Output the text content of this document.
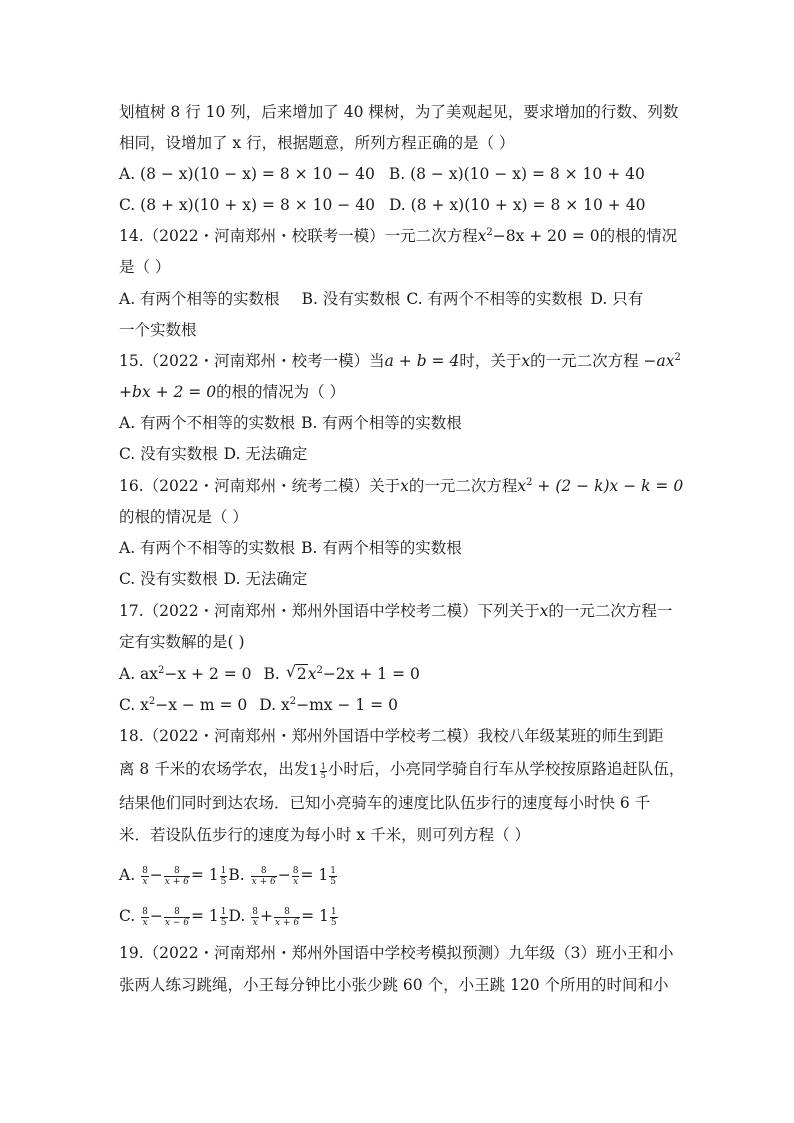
划植树 8 行 10 列，后来增加了 40 棵树，为了美观起见，要求增加的行数、列数
相同，设增加了 x 行，根据题意，所列方程正确的是（ ）
A. (8 − x)(10 − x) = 8 × 10 − 40 B. (8 − x)(10 − x) = 8 × 10 + 40
C. (8 + x)(10 + x) = 8 × 10 − 40 D. (8 + x)(10 + x) = 8 × 10 + 40
14.（2022・河南郑州・校联考一模）一元二次方程$x^2-8x + 20 = 0$的根的情况
是（ ）
A. 有两个相等的实数根 B. 没有实数根 C. 有两个不相等的实数根 D. 只有
一个实数根
15.（2022・河南郑州・校考一模）当a + b = 4时，关于x的一元二次方程 $-ax^2$
+bx + 2 = 0的根的情况为（ ）
A. 有两个不相等的实数根 B. 有两个相等的实数根
C. 没有实数根 D. 无法确定
16.（2022・河南郑州・统考二模）关于x的一元二次方程$x^2 + (2 - k)x - k = 0$
的根的情况是（ ）
A. 有两个不相等的实数根 B. 有两个相等的实数根
C. 没有实数根 D. 无法确定
17.（2022・河南郑州・郑州外国语中学校考二模）下列关于x的一元二次方程一
定有实数解的是( )
A. $ax^2-x + 2 = 0$ B. √ $2x^2-2x + 1 = 0$
C. $x^2-x - m = 0$ D. $x^2-mx - 1 = 0$
18.（2022・河南郑州・郑州外国语中学校考二模）我校八年级某班的师生到距
离 8 千米的农场学农，出发$1 \frac{1}{5}$ 小时后，小亮同学骑自行车从学校按原路追赶队伍，
结果他们同时到达农场．已知小亮骑车的速度比队伍步行的速度每小时快 6 千
米．若设队伍步行的速度为每小时 x 千米，则可列方程（ ）
A. $\frac{8}{x} - \frac{8}{x + 6} = 1 \frac{1}{5} B$. $\frac{8}{x + 6} - \frac{8}{x} = 1 \frac{1}{5}$
C. $\frac{8}{x} - \frac{8}{x - 6} = 1 \frac{1}{5} D$. $\frac{8}{x} + \frac{8}{x + 6} = 1 \frac{1}{5}$
19.（2022・河南郑州・郑州外国语中学校考模拟预测）九年级（3）班小王和小
张两人练习跳绳，小王每分钟比小张少跳 60 个，小王跳 120 个所用的时间和小
